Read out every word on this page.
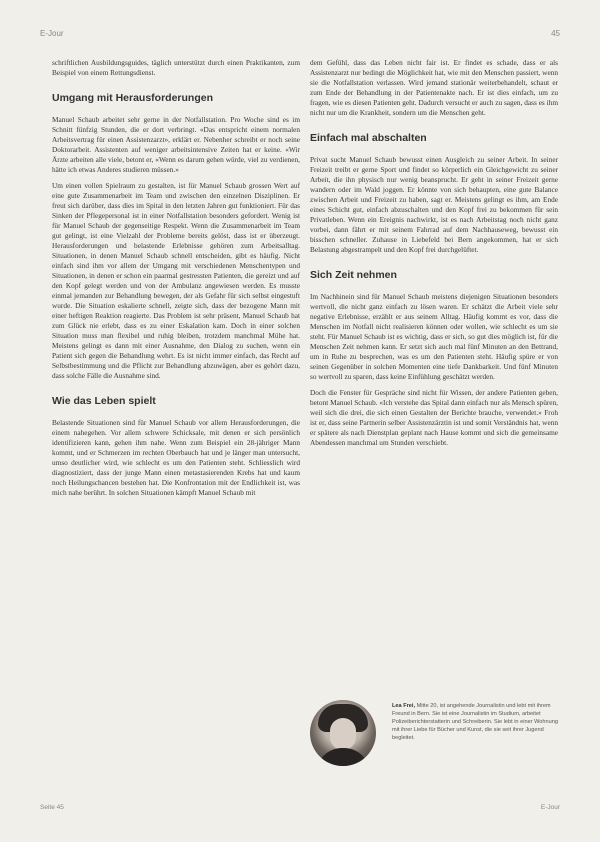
E-Jour	45

schriftlichen Ausbildungsguides, täglich unterstützt durch einen Praktikanten, zum Beispiel von einem Rettungsdienst.

Umgang mit Herausforderungen

Manuel Schaub arbeitet sehr gerne in der Notfallstation. Pro Woche sind es im Schnitt fünfzig Stunden, die er dort verbringt. «Das entspricht einem normalen Arbeitsvertrag für einen Assistenzarzt», erklärt er. Nebenher schreibt er noch seine Doktorarbeit. Assistenten auf weniger arbeitsintensive Zeiten hat er keine. «Wir Ärzte arbeiten alle viele, betont er, «Wenn es darum gehen würde, viel zu verdienen, hätte ich etwas Anderes studieren müssen.»

Um einen vollen Spielraum zu gestalten, ist für Manuel Schaub grossen Wert auf eine gute Zusammenarbeit im Team und zwischen den einzelnen Disziplinen. Er freut sich darüber, dass dies im Spital in den letzten Jahren gut funktioniert. Für das Sinken der Pflegepersonal ist in einer Notfallstation besonders gefordert. Wenig ist für Manuel Schaub der gegenseitige Respekt. Wenn die Zusammenarbeit im Team gut gelingt, ist eine Vielzahl der Probleme bereits gelöst, dass ist er überzeugt. Herausforderungen und belastende Erlebnisse gehören zum Arbeitsalltag. Situationen, in denen Manuel Schaub schnell entscheiden, gibt es häufig. Nicht einfach sind ihm vor allem der Umgang mit verschiedenen Menschentypen und Situationen, in denen er schon ein paarmal gestressten Patienten, die gereizt und auf den Kopf gelegt werden und von der Ambulanz angewiesen werden. Es musste einmal jemanden zur Behandlung bewegen, der als Gefahr für sich selbst eingestuft wurde. Die Situation eskalierte schnell, zeigte sich, dass der bezogene Mann mit einer heftigen Reaktion reagierte. Das Problem ist sehr präsent, Manuel Schaub hat zum Glück nie erlebt, dass es zu einer Eskalation kam. Doch in einer solchen Situation muss man flexibel und ruhig bleiben, trotzdem manchmal Mühe hat. Meistens gelingt es dann mit einer Ausnahme, den Dialog zu suchen, wenn ein Patient sich gegen die Behandlung wehrt. Es ist nicht immer einfach, das Recht auf Selbstbestimmung und die Pflicht zur Behandlung abzuwägen, aber es gehört dazu, dass solche Fälle die Ausnahme sind.

Wie das Leben spielt

Belastende Situationen sind für Manuel Schaub vor allem Herausforderungen, die einem nahegehen. Vor allem schwere Schicksale, mit denen er sich persönlich identifizieren kann, gehen ihm nahe. Wenn zum Beispiel ein 28-jähriger Mann kommt, und er Schmerzen im rechten Oberbauch hat und je länger man untersucht, umso deutlicher wird, wie schlecht es um den Patienten steht. Schliesslich wird diagnostiziert, dass der junge Mann einen metastasierenden Krebs hat und kaum noch Heilungschancen bestehen hat. Die Konfrontation mit der Endlichkeit ist, was mich nahe berührt. In solchen Situationen kämpft Manuel Schaub mit

dem Gefühl, dass das Leben nicht fair ist. Er findet es schade, dass er als Assistenzarzt nur bedingt die Möglichkeit hat, wie mit den Menschen passiert, wenn sie die Notfallstation verlassen. Wird jemand stationär weiterbehandelt, schaut er zum Ende der Behandlung in der Patientenakte nach. Er ist dies einfach, um zu fragen, wie es diesen Patienten geht. Dadurch versucht er auch zu sagen, dass es ihm nicht nur um die Krankheit, sondern um die Menschen geht.

Einfach mal abschalten

Privat sucht Manuel Schaub bewusst einen Ausgleich zu seiner Arbeit. In seiner Freizeit treibt er gerne Sport und findet so körperlich ein Gleichgewicht zu seiner Arbeit, die ihn physisch nur wenig beansprucht. Er geht in seiner Freizeit gerne wandern oder im Wald joggen. Er könnte von sich behaupten, eine gute Balance zwischen Arbeit und Freizeit zu haben, sagt er. Meistens gelingt es ihm, am Ende eines Schicht gut, einfach abzuschalten und den Kopf frei zu bekommen für sein Privatleben. Wenn ein Ereignis nachwirkt, ist es nach Arbeitstag noch nicht ganz vorbei, dann fährt er mit seinem Fahrrad auf dem Nachhauseweg, bewusst ein bisschen schneller. Zuhause in Liebefeld bei Bern angekommen, hat er sich Belastung abgestrampelt und den Kopf frei durchgelüftet.

Sich Zeit nehmen

Im Nachhinein sind für Manuel Schaub meistens diejenigen Situationen besonders wertvoll, die nicht ganz einfach zu lösen waren. Er schätzt die Arbeit viele sehr negative Erlebnisse, erzählt er aus seinem Alltag. Häufig kommt es vor, dass die Menschen im Notfall nicht realisieren können oder wollen, wie schlecht es um sie steht. Für Manuel Schaub ist es wichtig, dass er sich, so gut dies möglich ist, für die Menschen Zeit nehmen kann. Er setzt sich auch mal fünf Minuten an den Bettrand, um in Ruhe zu besprechen, was es um den Patienten steht. Häufig spüre er von seinen Gegenüber in solchen Momenten eine tiefe Dankbarkeit. Und fünf Minuten so wertvoll zu sparen, dass keine Einfühlung geschätzt werden.

Doch die Fenster für Gespräche sind nicht für Wissen, der andere Patienten geben, betont Manuel Schaub. «Ich verstehe das Spital dann einfach nur als Mensch spüren, weil sich die drei, die sich einen Gestalten der Berichte brauche, verwendet.» Froh ist er, dass seine Partnerin selber Assistenzärztin ist und somit Verständnis hat, wenn er spätere als nach Dienstplan geplant nach Hause kommt und sich die gemeinsame Abendessen manchmal um Stunden verschiebt.

Lea Frei, Mitte 20, ist angehende Journalistin und lebt mit ihrem Freund in Bern. Sie ist eine Journalistin im Studium, arbeitet Polizeiberichterstatterin und Schreiberin. Sie lebt in einer Wohnung mit ihrer Liebe für Bücher und Kunst, die sie seit ihrer Jugend begleitet.
Seite 45	E-Jour
